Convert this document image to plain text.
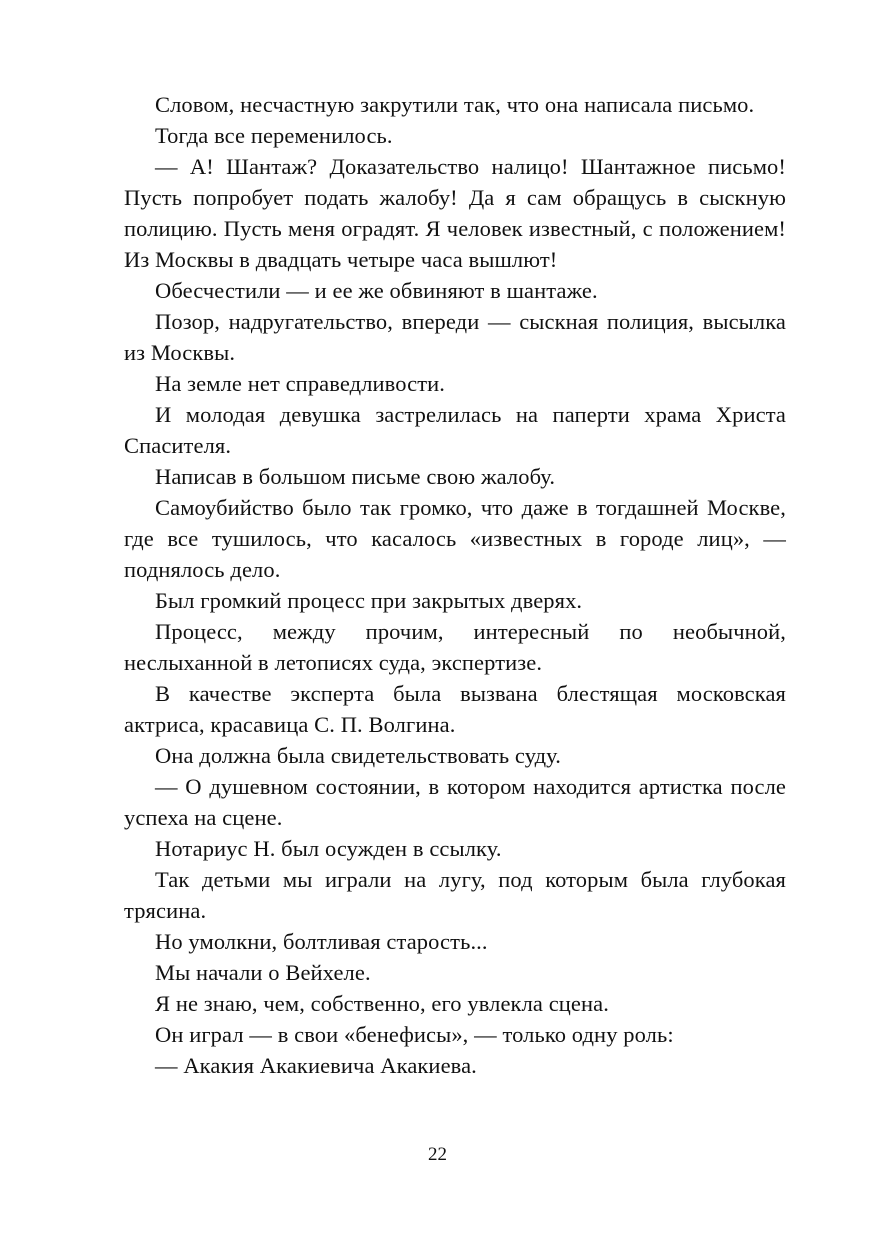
Словом, несчастную закрутили так, что она написала письмо.

Тогда все переменилось.

— А! Шантаж? Доказательство налицо! Шантажное письмо! Пусть попробует подать жалобу! Да я сам обращусь в сыскную полицию. Пусть меня оградят. Я человек известный, с положением! Из Москвы в двадцать четыре часа вышлют!

Обесчестили — и ее же обвиняют в шантаже.

Позор, надругательство, впереди — сыскная полиция, высылка из Москвы.

На земле нет справедливости.

И молодая девушка застрелилась на паперти храма Христа Спасителя.

Написав в большом письме свою жалобу.

Самоубийство было так громко, что даже в тогдашней Москве, где все тушилось, что касалось «известных в городе лиц», — поднялось дело.

Был громкий процесс при закрытых дверях.

Процесс, между прочим, интересный по необычной, неслыханной в летописях суда, экспертизе.

В качестве эксперта была вызвана блестящая московская актриса, красавица С. П. Волгина.

Она должна была свидетельствовать суду.

— О душевном состоянии, в котором находится артистка после успеха на сцене.

Нотариус Н. был осужден в ссылку.

Так детьми мы играли на лугу, под которым была глубокая трясина.

Но умолкни, болтливая старость...

Мы начали о Вейхеле.

Я не знаю, чем, собственно, его увлекла сцена.

Он играл — в свои «бенефисы», — только одну роль:

— Акакия Акакиевича Акакиева.

22
